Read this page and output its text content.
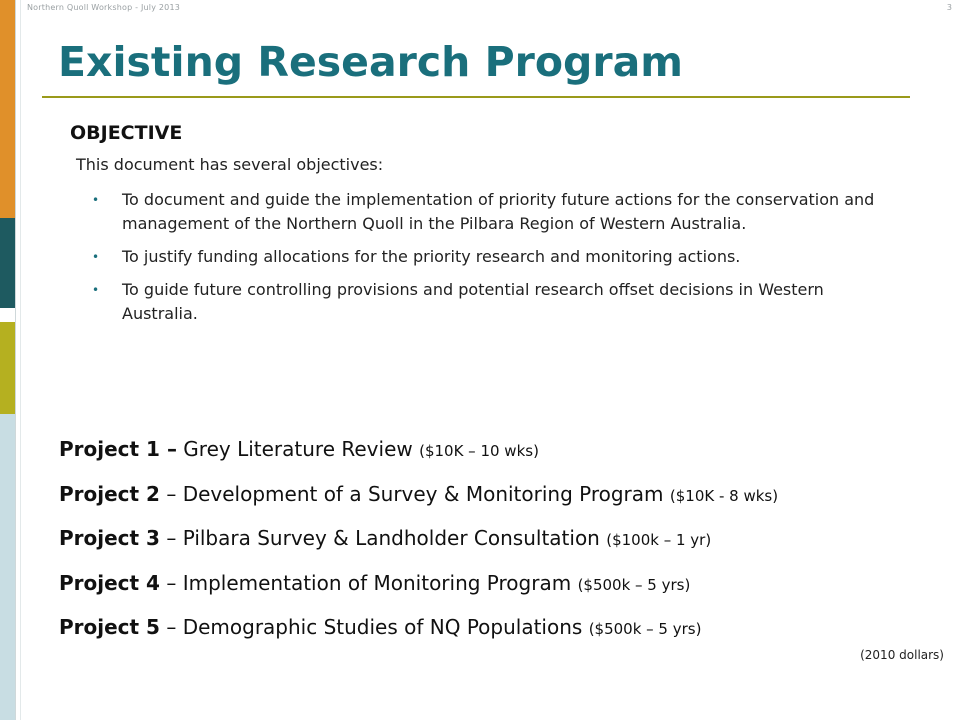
Northern Quoll Workshop - July 2013	3
Existing Research Program
OBJECTIVE
This document has several objectives:
• To document and guide the implementation of priority future actions for the conservation and management of the Northern Quoll in the Pilbara Region of Western Australia.
• To justify funding allocations for the priority research and monitoring actions.
• To guide future controlling provisions and potential research offset decisions in Western Australia.
Project 1 – Grey Literature Review ($10K – 10 wks)
Project 2 – Development of a Survey & Monitoring Program ($10K - 8 wks)
Project 3 – Pilbara Survey & Landholder Consultation ($100k – 1 yr)
Project 4 – Implementation of Monitoring Program ($500k – 5 yrs)
Project 5 – Demographic Studies of NQ Populations ($500k – 5 yrs)
(2010 dollars)
